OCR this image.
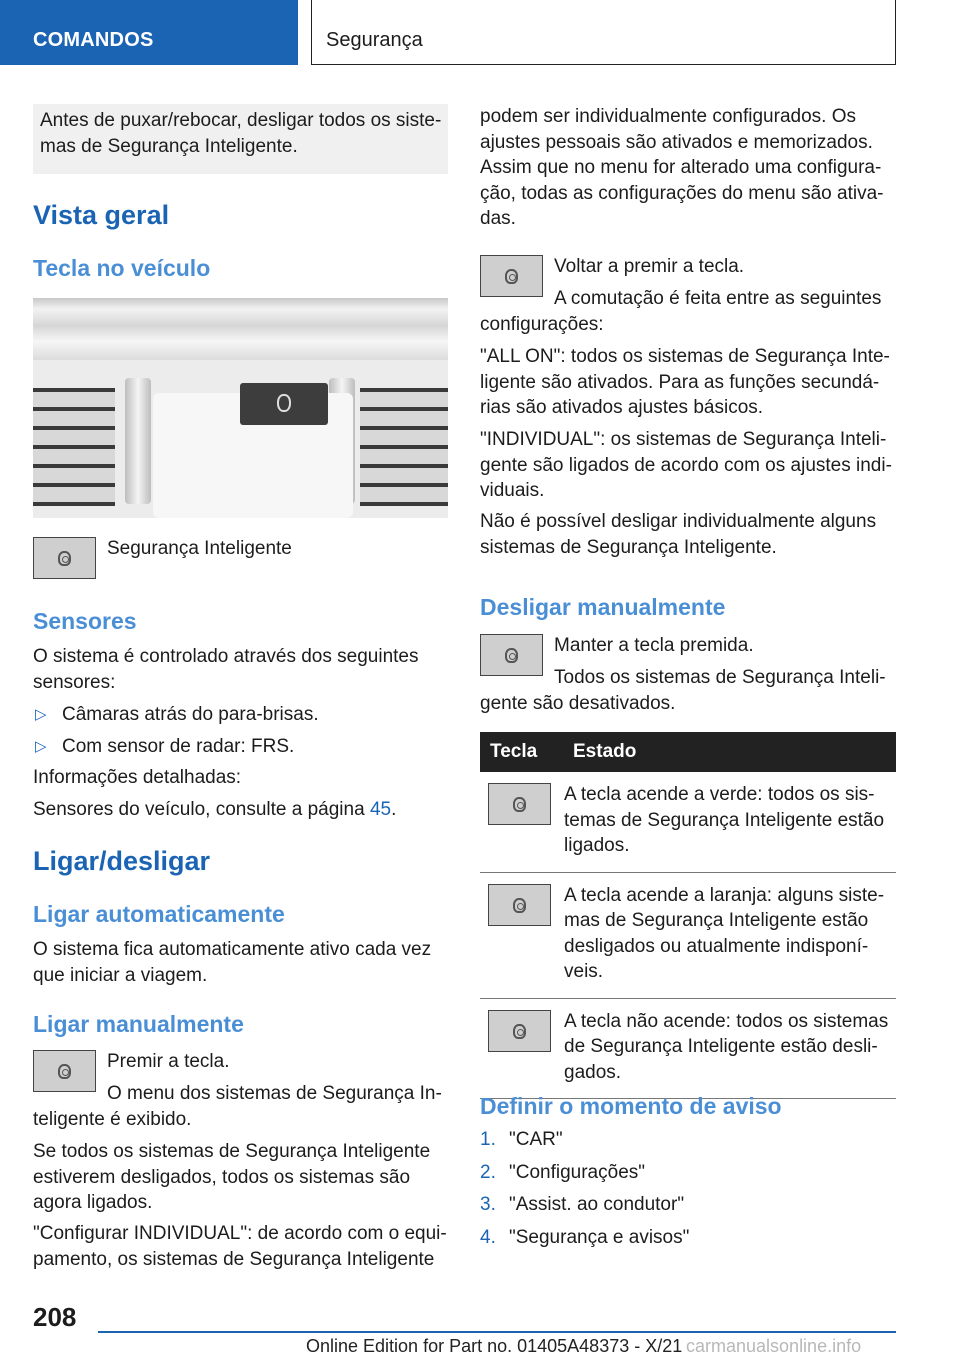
COMANDOS	Segurança
Antes de puxar/rebocar, desligar todos os siste-mas de Segurança Inteligente.
Vista geral
Tecla no veículo

Segurança Inteligente

Sensores

O sistema é controlado através dos seguintes sensores:

▷ Câmaras atrás do para-brisas.
▷ Com sensor de radar: FRS.

Informações detalhadas:

Sensores do veículo, consulte a página 45.

Ligar/desligar
Ligar automaticamente

O sistema fica automaticamente ativo cada vez que iniciar a viagem.

Ligar manualmente

Premir a tecla.

O menu dos sistemas de Segurança In-teligente é exibido.

Se todos os sistemas de Segurança Inteligente estiverem desligados, todos os sistemas são agora ligados.

"Configurar INDIVIDUAL": de acordo com o equi-pamento, os sistemas de Segurança Inteligente

podem ser individualmente configurados. Os ajustes pessoais são ativados e memorizados. Assim que no menu for alterado uma configura-ção, todas as configurações do menu são ativa-das.

Voltar a premir a tecla.

A comutação é feita entre as seguintes configurações:

"ALL ON": todos os sistemas de Segurança Inte-ligente são ativados. Para as funções secundá-rias são ativados ajustes básicos.

"INDIVIDUAL": os sistemas de Segurança Inteli-gente são ligados de acordo com os ajustes indi-viduais.

Não é possível desligar individualmente alguns sistemas de Segurança Inteligente.

Desligar manualmente

Manter a tecla premida.

Todos os sistemas de Segurança Inteli-gente são desativados.

Tecla	Estado

	A tecla acende a verde: todos os sis-temas de Segurança Inteligente estão ligados.

	A tecla acende a laranja: alguns siste-mas de Segurança Inteligente estão desligados ou atualmente indisponí-veis.

	A tecla não acende: todos os sistemas de Segurança Inteligente estão desli-gados.
Definir o momento de aviso
1. "CAR"
2. "Configurações"
3. "Assist. ao condutor"
4. "Segurança e avisos"
208
Online Edition for Part no. 01405A48373 - X/21 carmanualsonline.info
